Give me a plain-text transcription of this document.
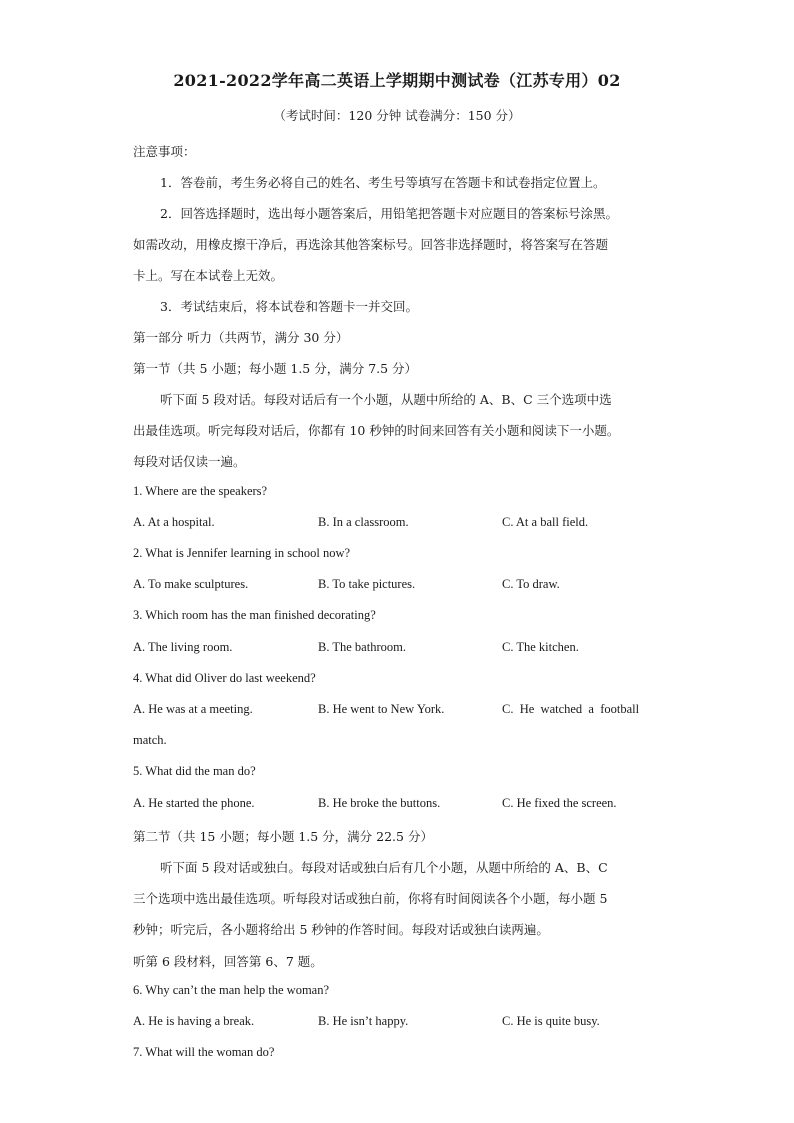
2021-2022学年高二英语上学期期中测试卷（江苏专用）02
（考试时间：120 分钟 试卷满分：150 分）
注意事项：
1．答卷前，考生务必将自己的姓名、考生号等填写在答题卡和试卷指定位置上。
2．回答选择题时，选出每小题答案后，用铅笔把答题卡对应题目的答案标号涂黑。
如需改动，用橡皮擦干净后，再选涂其他答案标号。回答非选择题时，将答案写在答题
卡上。写在本试卷上无效。
3．考试结束后，将本试卷和答题卡一并交回。
第一部分 听力（共两节，满分 30 分）
第一节（共 5 小题；每小题 1.5 分，满分 7.5 分）
听下面 5 段对话。每段对话后有一个小题，从题中所给的 A、B、C 三个选项中选
出最佳选项。听完每段对话后，你都有 10 秒钟的时间来回答有关小题和阅读下一小题。
每段对话仅读一遍。
1. Where are the speakers?
A. At a hospital.	B. In a classroom.	C. At a ball field.
2. What is Jennifer learning in school now?
A. To make sculptures.	B. To take pictures.	C. To draw.
3. Which room has the man finished decorating?
A. The living room.	B. The bathroom.	C. The kitchen.
4. What did Oliver do last weekend?
A. He was at a meeting.	B. He went to New York.	C.  He  watched  a  football
match.
5. What did the man do?
A. He started the phone.	B. He broke the buttons.	C. He fixed the screen.
第二节（共 15 小题；每小题 1.5 分，满分 22.5 分）
听下面 5 段对话或独白。每段对话或独白后有几个小题，从题中所给的 A、B、C
三个选项中选出最佳选项。听每段对话或独白前，你将有时间阅读各个小题，每小题 5
秒钟；听完后，各小题将给出 5 秒钟的作答时间。每段对话或独白读两遍。
听第 6 段材料，回答第 6、7 题。
6. Why can’t the man help the woman?
A. He is having a break.	B. He isn’t happy.	C. He is quite busy.
7. What will the woman do?
